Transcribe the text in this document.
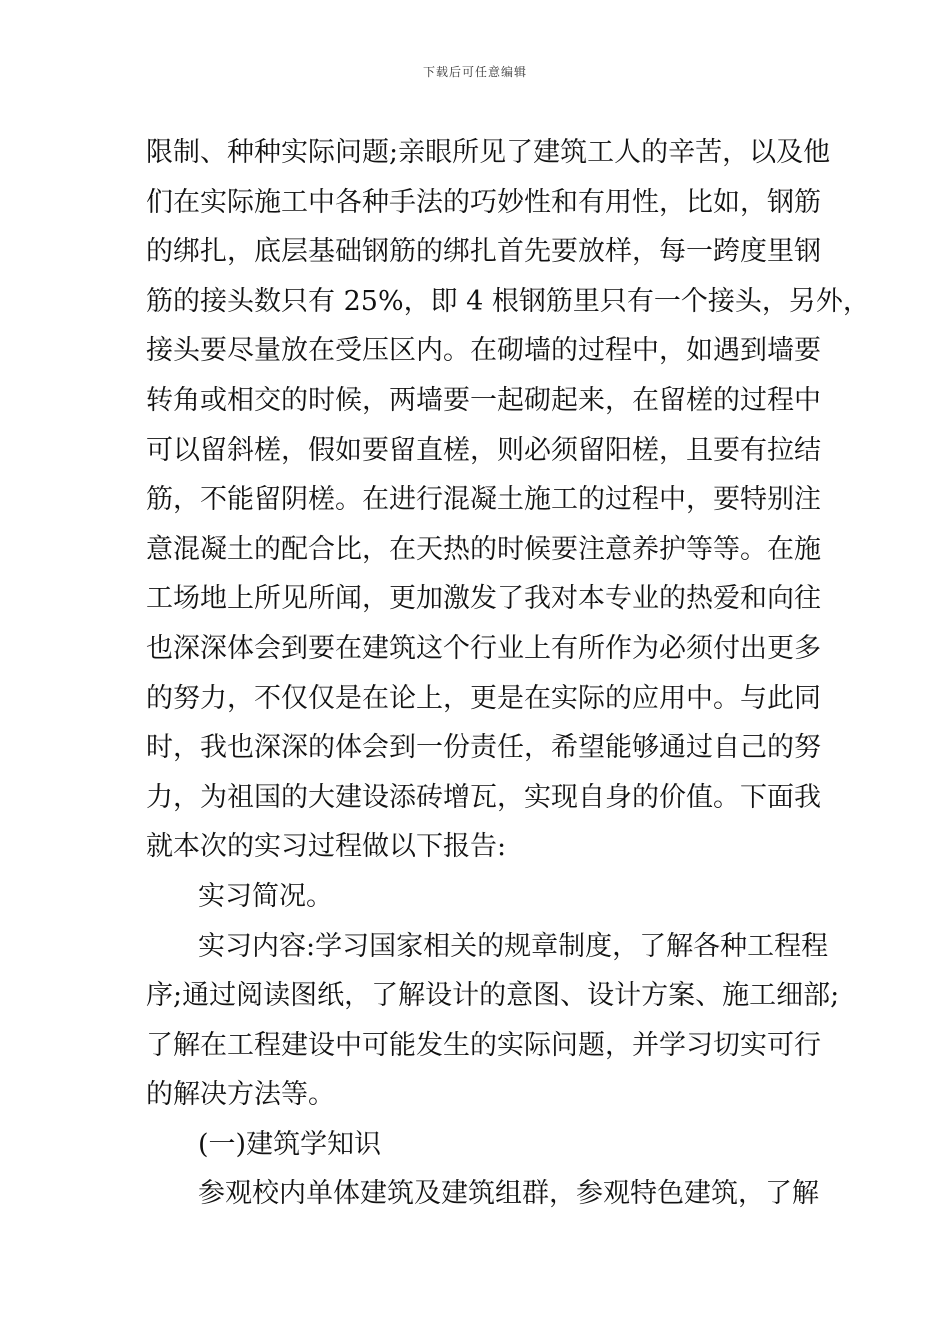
下载后可任意编辑
限制、种种实际问题;亲眼所见了建筑工人的辛苦，以及他
们在实际施工中各种手法的巧妙性和有用性，比如，钢筋
的绑扎，底层基础钢筋的绑扎首先要放样，每一跨度里钢
筋的接头数只有 25%，即 4 根钢筋里只有一个接头，另外，
接头要尽量放在受压区内。在砌墙的过程中，如遇到墙要
转角或相交的时候，两墙要一起砌起来，在留槎的过程中
可以留斜槎，假如要留直槎，则必须留阳槎，且要有拉结
筋，不能留阴槎。在进行混凝土施工的过程中，要特别注
意混凝土的配合比，在天热的时候要注意养护等等。在施
工场地上所见所闻，更加激发了我对本专业的热爱和向往
也深深体会到要在建筑这个行业上有所作为必须付出更多
的努力，不仅仅是在论上，更是在实际的应用中。与此同
时，我也深深的体会到一份责任，希望能够通过自己的努
力，为祖国的大建设添砖增瓦，实现自身的价值。下面我
就本次的实习过程做以下报告:
实习简况。
实习内容:学习国家相关的规章制度，了解各种工程程
序;通过阅读图纸，了解设计的意图、设计方案、施工细部;
了解在工程建设中可能发生的实际问题，并学习切实可行
的解决方法等。
(一)建筑学知识
参观校内单体建筑及建筑组群，参观特色建筑，了解
